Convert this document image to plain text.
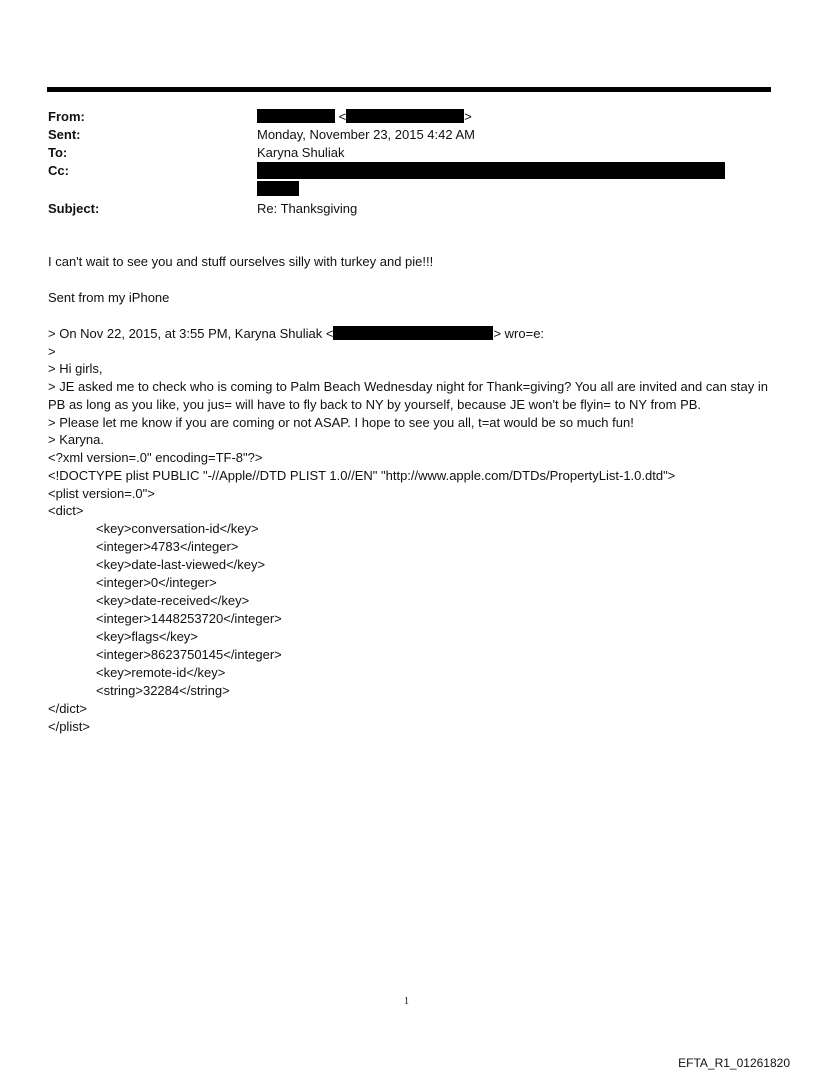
From:	<	>
Sent:	Monday, November 23, 2015 4:42 AM
To:	Karyna Shuliak
Cc:
Subject:	Re: Thanksgiving
I can't wait to see you and stuff ourselves silly with turkey and pie!!!
Sent from my iPhone
> On Nov 22, 2015, at 3:55 PM, Karyna Shuliak <	> wro=e:
>
> Hi girls,
> JE asked me to check who is coming to Palm Beach Wednesday night for Thank=giving? You all are invited and can stay in PB as long as you like, you jus= will have to fly back to NY by yourself, because JE won't be flyin= to NY from PB.
> Please let me know if you are coming or not ASAP. I hope to see you all, t=at would be so much fun!
> Karyna.
<?xml version=.0" encoding=TF-8"?>
<!DOCTYPE plist PUBLIC "-//Apple//DTD PLIST 1.0//EN" "http://www.apple.com/DTDs/PropertyList-1.0.dtd">
<plist version=.0">
<dict>
<key>conversation-id</key>
<integer>4783</integer>
<key>date-last-viewed</key>
<integer>0</integer>
<key>date-received</key>
<integer>1448253720</integer>
<key>flags</key>
<integer>8623750145</integer>
<key>remote-id</key>
<string>32284</string>
</dict>
</plist>
1
EFTA_R1_01261820
